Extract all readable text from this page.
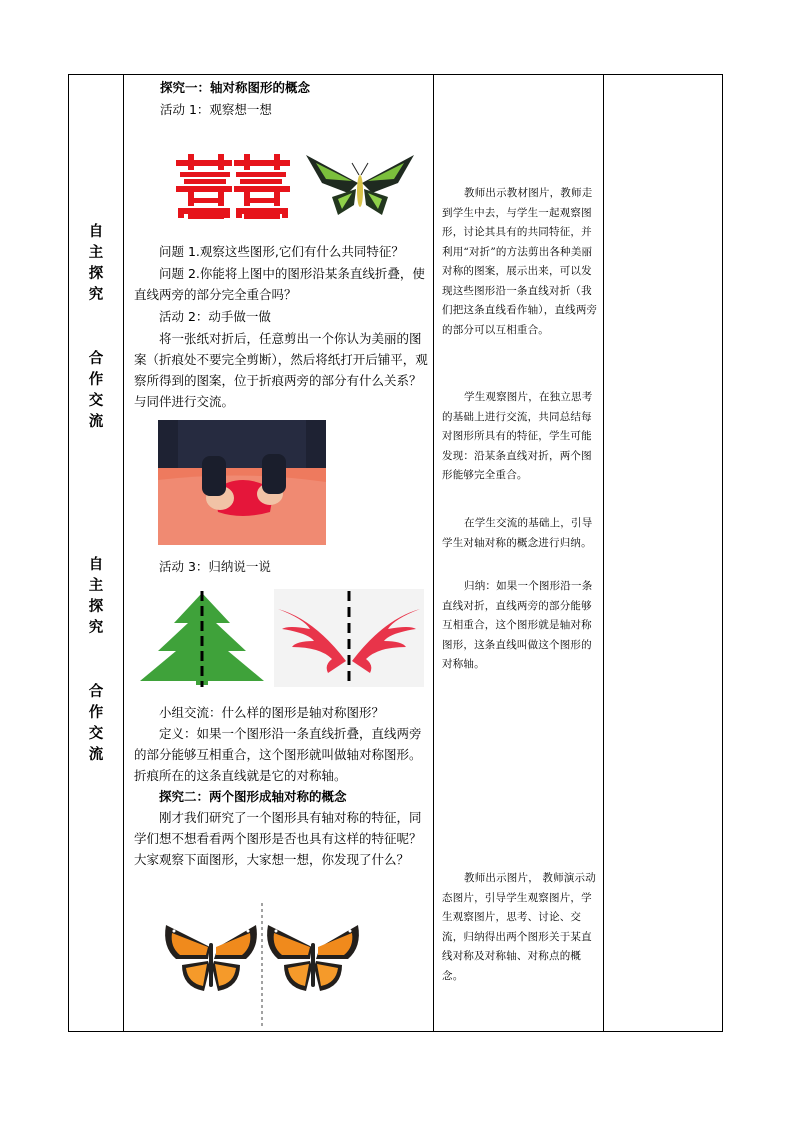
自
主
探
究
合
作
交
流
自
主
探
究
合
作
交
流
探究一：轴对称图形的概念
活动 1：观察想一想
问题 1.观察这些图形,它们有什么共同特征？
问题 2.你能将上图中的图形沿某条直线折叠，使直线两旁的部分完全重合吗？
活动 2：动手做一做
将一张纸对折后，任意剪出一个你认为美丽的图案（折痕处不要完全剪断），然后将纸打开后铺平，观察所得到的图案，位于折痕两旁的部分有什么关系？与同伴进行交流。
活动 3：归纳说一说
小组交流：什么样的图形是轴对称图形？
定义：如果一个图形沿一条直线折叠，直线两旁的部分能够互相重合，这个图形就叫做轴对称图形。折痕所在的这条直线就是它的对称轴。
探究二：两个图形成轴对称的概念
刚才我们研究了一个图形具有轴对称的特征，同学们想不想看看两个图形是否也具有这样的特征呢？大家观察下面图形，大家想一想，你发现了什么？
教师出示教材图片，教师走到学生中去，与学生一起观察图形，讨论其具有的共同特征，并利用“对折”的方法剪出各种美丽对称的图案，展示出来，可以发现这些图形沿一条直线对折（我们把这条直线看作轴），直线两旁的部分可以互相重合。
学生观察图片，在独立思考的基础上进行交流，共同总结每对图形所具有的特征，学生可能发现：沿某条直线对折，两个图形能够完全重合。
在学生交流的基础上，引导学生对轴对称的概念进行归纳。
归纳：如果一个图形沿一条直线对折，直线两旁的部分能够互相重合，这个图形就是轴对称图形，这条直线叫做这个图形的对称轴。
教师出示图片， 教师演示动态图片，引导学生观察图片，学生观察图片，思考、讨论、交流，归纳得出两个图形关于某直线对称及对称轴、对称点的概念。
